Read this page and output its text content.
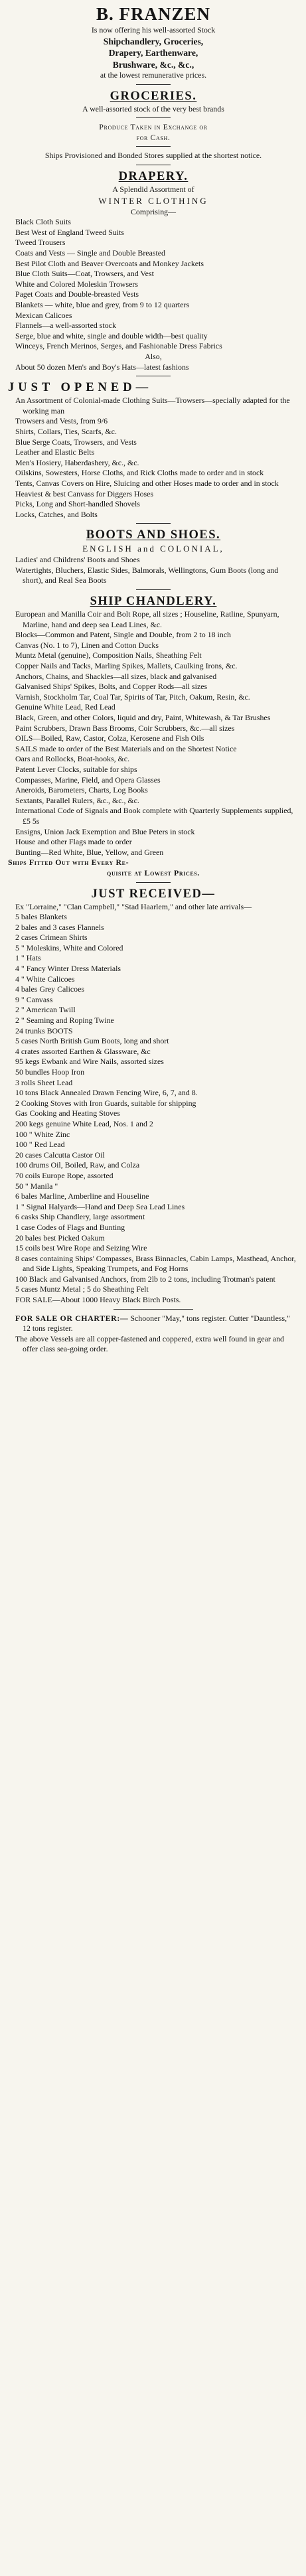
B. FRANZEN
Is now offering his well-assorted Stock
Shipchandlery, Groceries,
Drapery, Earthenware,
Brushware, &c., &c.,
at the lowest remunerative prices.
GROCERIES.
A well-assorted stock of the very best brands
Produce Taken in Exchange or
for Cash.
Ships Provisioned and Bonded Stores supplied at the shortest notice.
DRAPERY.
A Splendid Assortment of
WINTER CLOTHING
Comprising—
Black Cloth Suits
Best West of England Tweed Suits
Tweed Trousers
Coats and Vests — Single and Double Breasted
Best Pilot Cloth and Beaver Overcoats and Monkey Jackets
Blue Cloth Suits—Coat, Trowsers, and Vest
White and Colored Moleskin Trowsers
Paget Coats and Double-breasted Vests
Blankets — white, blue and grey, from 9 to 12 quarters
Mexican Calicoes
Flannels—a well-assorted stock
Serge, blue and white, single and double width—best quality
Winceys, French Merinos, Serges, and Fashionable Dress Fabrics
Also,
About 50 dozen Men's and Boy's Hats—latest fashions
JUST OPENED—
An Assortment of Colonial-made Clothing Suits—Trowsers—specially adapted for the working man
Trowsers and Vests, from 9/6
Shirts, Collars, Ties, Scarfs, &c.
Blue Serge Coats, Trowsers, and Vests
Leather and Elastic Belts
Men's Hosiery, Haberdashery, &c., &c.
Oilskins, Sowesters, Horse Cloths, and Rick Cloths made to order and in stock
Tents, Canvas Covers on Hire, Sluicing and other Hoses made to order and in stock
Heaviest & best Canvass for Diggers Hoses
Picks, Long and Short-handled Shovels
Locks, Catches, and Bolts
BOOTS AND SHOES.
ENGLISH and COLONIAL,
Ladies' and Childrens' Boots and Shoes
Watertights, Bluchers, Elastic Sides, Balmorals, Wellingtons, Gum Boots (long and short), and Real Sea Boots
SHIP CHANDLERY.
European and Manilla Coir and Bolt Rope, all sizes ; Houseline, Ratline, Spunyarn, Marline, hand and deep sea Lead Lines, &c.
Blocks—Common and Patent, Single and Double, from 2 to 18 inch
Canvas (No. 1 to 7), Linen and Cotton Ducks
Muntz Metal (genuine), Composition Nails, Sheathing Felt
Copper Nails and Tacks, Marling Spikes, Mallets, Caulking Irons, &c.
Anchors, Chains, and Shackles—all sizes, black and galvanised
Galvanised Ships' Spikes, Bolts, and Copper Rods—all sizes
Varnish, Stockholm Tar, Coal Tar, Spirits of Tar, Pitch, Oakum, Resin, &c.
Genuine White Lead, Red Lead
Black, Green, and other Colors, liquid and dry, Paint, Whitewash, & Tar Brushes
Paint Scrubbers, Drawn Bass Brooms, Coir Scrubbers, &c.—all sizes
OILS—Boiled, Raw, Castor, Colza, Kerosene and Fish Oils
SAILS made to order of the Best Materials and on the Shortest Notice
Oars and Rollocks, Boat-hooks, &c.
Patent Lever Clocks, suitable for ships
Compasses, Marine, Field, and Opera Glasses
Aneroids, Barometers, Charts, Log Books
Sextants, Parallel Rulers, &c., &c., &c.
International Code of Signals and Book complete with Quarterly Supplements supplied, £5 5s
Ensigns, Union Jack Exemption and Blue Peters in stock
House and other Flags made to order
Bunting—Red White, Blue, Yellow, and Green
Ships Fitted Out with Every Re-
quisite at Lowest Prices.
JUST RECEIVED—
Ex "Lorraine," "Clan Campbell," "Stad Haarlem," and other late arrivals—
5 bales Blankets
2 bales and 3 cases Flannels
2 cases Crimean Shirts
5 " Moleskins, White and Colored
1 " Hats
4 " Fancy Winter Dress Materials
4 " White Calicoes
4 bales Grey Calicoes
9 " Canvass
2 " American Twill
2 " Seaming and Roping Twine
24 trunks BOOTS
5 cases North British Gum Boots, long and short
4 crates assorted Earthen & Glassware, &c
95 kegs Ewbank and Wire Nails, assorted sizes
50 bundles Hoop Iron
3 rolls Sheet Lead
10 tons Black Annealed Drawn Fencing Wire, 6, 7, and 8.
2 Cooking Stoves with Iron Guards, suitable for shipping
Gas Cooking and Heating Stoves
200 kegs genuine White Lead, Nos. 1 and 2
100 " White Zinc
100 " Red Lead
20 cases Calcutta Castor Oil
100 drums Oil, Boiled, Raw, and Colza
70 coils Europe Rope, assorted
50 " Manila "
6 bales Marline, Amberline and Houseline
1 " Signal Halyards—Hand and Deep Sea Lead Lines
6 casks Ship Chandlery, large assortment
1 case Codes of Flags and Bunting
20 bales best Picked Oakum
15 coils best Wire Rope and Seizing Wire
8 cases containing Ships' Compasses, Brass Binnacles, Cabin Lamps, Masthead, Anchor, and Side Lights, Speaking Trumpets, and Fog Horns
100 Black and Galvanised Anchors, from 2lb to 2 tons, including Trotman's patent
5 cases Muntz Metal ; 5 do Sheathing Felt
FOR SALE—About 1000 Heavy Black Birch Posts.
FOR SALE OR CHARTER:— Schooner "May," tons register. Cutter "Dauntless," 12 tons register.
The above Vessels are all copper-fastened and coppered, extra well found in gear and offer class sea-going order.
